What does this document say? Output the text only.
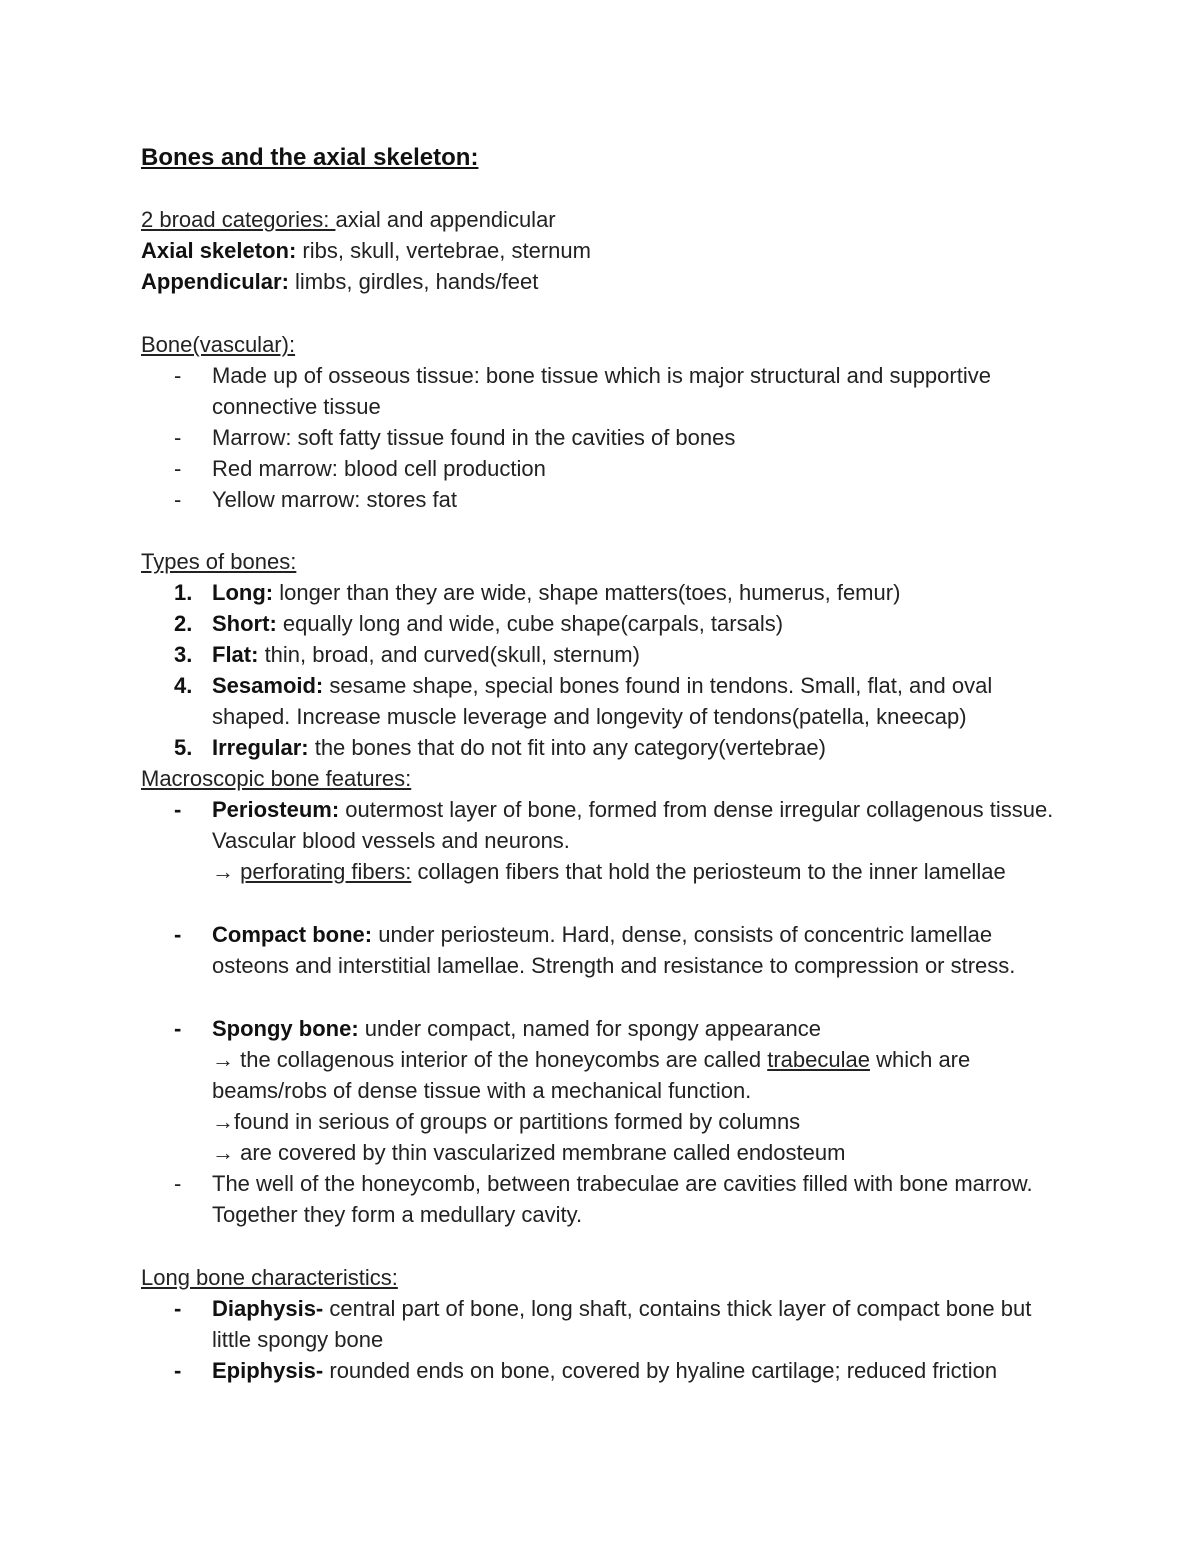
Bones and the axial skeleton:
2 broad categories: axial and appendicular
Axial skeleton: ribs, skull, vertebrae, sternum
Appendicular: limbs, girdles, hands/feet
Bone(vascular):
-	Made up of osseous tissue: bone tissue which is major structural and supportive connective tissue
-	Marrow: soft fatty tissue found in the cavities of bones
-	Red marrow: blood cell production
-	Yellow marrow: stores fat
Types of bones:
1. Long: longer than they are wide, shape matters(toes, humerus, femur)
2. Short: equally long and wide, cube shape(carpals, tarsals)
3. Flat: thin, broad, and curved(skull, sternum)
4. Sesamoid: sesame shape, special bones found in tendons. Small, flat, and oval shaped. Increase muscle leverage and longevity of tendons(patella, kneecap)
5. Irregular: the bones that do not fit into any category(vertebrae)
Macroscopic bone features:
-	Periosteum: outermost layer of bone, formed from dense irregular collagenous tissue. Vascular blood vessels and neurons.
→ perforating fibers: collagen fibers that hold the periosteum to the inner lamellae
-	Compact bone: under periosteum. Hard, dense, consists of concentric lamellae osteons and interstitial lamellae. Strength and resistance to compression or stress.
-	Spongy bone: under compact, named for spongy appearance
→ the collagenous interior of the honeycombs are called trabeculae which are beams/robs of dense tissue with a mechanical function.
→found in serious of groups or partitions formed by columns
→ are covered by thin vascularized membrane called endosteum
-	The well of the honeycomb, between trabeculae are cavities filled with bone marrow. Together they form a medullary cavity.
Long bone characteristics:
-	Diaphysis- central part of bone, long shaft, contains thick layer of compact bone but little spongy bone
-	Epiphysis- rounded ends on bone, covered by hyaline cartilage; reduced friction
